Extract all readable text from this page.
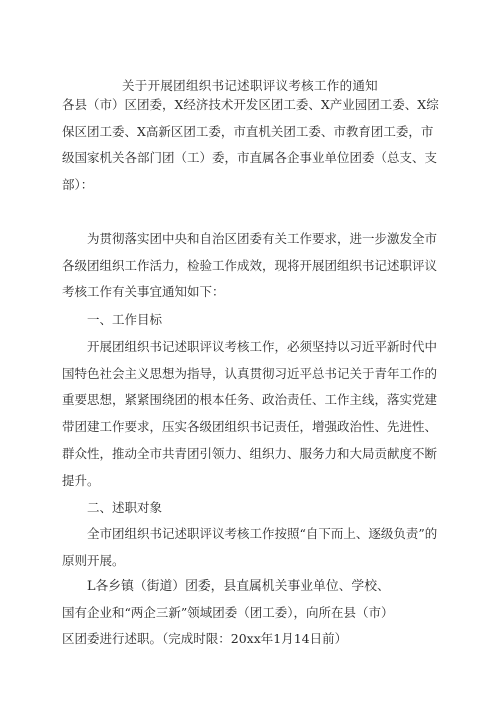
关于开展团组织书记述职评议考核工作的通知
各县（市）区团委，X经济技术开发区团工委、X产业园团工委、X综保区团工委、X高新区团工委，市直机关团工委、市教育团工委，市级国家机关各部门团（工）委，市直属各企事业单位团委（总支、支部）：
为贯彻落实团中央和自治区团委有关工作要求，进一步激发全市各级团组织工作活力，检验工作成效，现将开展团组织书记述职评议考核工作有关事宜通知如下：
一、工作目标
开展团组织书记述职评议考核工作，必须坚持以习近平新时代中国特色社会主义思想为指导，认真贯彻习近平总书记关于青年工作的重要思想，紧紧围绕团的根本任务、政治责任、工作主线，落实党建带团建工作要求，压实各级团组织书记责任，增强政治性、先进性、群众性，推动全市共青团引领力、组织力、服务力和大局贡献度不断提升。
二、述职对象
全市团组织书记述职评议考核工作按照“自下而上、逐级负责”的原则开展。
L各乡镇（街道）团委，县直属机关事业单位、学校、
国有企业和“两企三新”领域团委（团工委），向所在县（市）
区团委进行述职。（完成时限：20xx年1月14日前）
